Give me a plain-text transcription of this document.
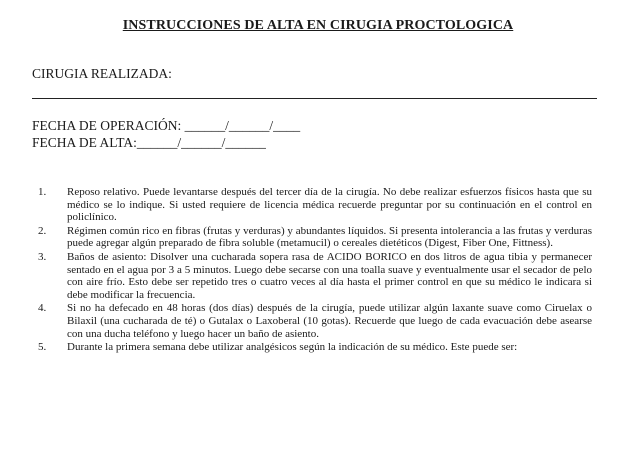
INSTRUCCIONES DE ALTA EN CIRUGIA PROCTOLOGICA
CIRUGIA REALIZADA:
FECHA DE OPERACIÓN: ______/______/____
FECHA DE ALTA:______/______/______
1. Reposo relativo. Puede levantarse después del tercer día de la cirugía. No debe realizar esfuerzos físicos hasta que su médico se lo indique. Si usted requiere de licencia médica recuerde preguntar por su continuación en el control en policlínico.
2. Régimen común rico en fibras (frutas y verduras) y abundantes líquidos. Si presenta intolerancia a las frutas y verduras puede agregar algún preparado de fibra soluble (metamucil) o cereales dietéticos (Digest, Fiber One, Fittness).
3. Baños de asiento: Disolver una cucharada sopera rasa de ACIDO BORICO en dos litros de agua tibia y permanecer sentado en el agua por 3 a 5 minutos. Luego debe secarse con una toalla suave y eventualmente usar el secador de pelo con aire frío. Esto debe ser repetido tres o cuatro veces al día hasta el primer control en que su médico le indicara si debe modificar la frecuencia.
4. Si no ha defecado en 48 horas (dos días) después de la cirugía, puede utilizar algún laxante suave como Ciruelax o Bilaxil (una cucharada de té) o Gutalax o Laxoberal (10 gotas). Recuerde que luego de cada evacuación debe asearse con una ducha teléfono y luego hacer un baño de asiento.
5. Durante la primera semana debe utilizar analgésicos según la indicación de su médico. Este puede ser:
